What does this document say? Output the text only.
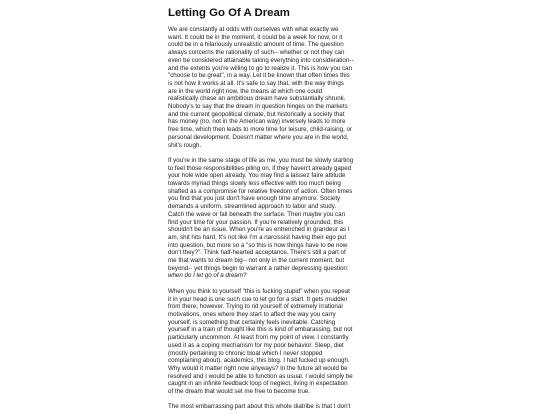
Letting Go Of A Dream

We are constantly at odds with ourselves with what exactly we
want. It could be in the moment, it could be a week for now, or it
could be in a hilariously unrealistic amount of time. The question
always concerns the rationality of such-- whether or not they can
even be considered attainable taking everything into consideration--
and the extents you're willing to go to realize it. This is how you can
"choose to be great", in a way. Let it be known that often times this
is not how it works at all. It's safe to say that, with the way things
are in the world right now, the means at which one could
realistically chase an ambitious dream have substantially shrunk.
Nobody's to say that the dream in question hinges on the markets
and the current geopolitical climate, but historically a society that
has money (no, not in the American way) inversely leads to more
free time, which then leads to more time for leisure, child-raising, or
personal development. Doesn't matter where you are in the world,
shit's rough.

If you're in the same stage of life as me, you must be slowly starting
to feel those responsibilities piling on, if they haven't already gaped
your hole wide open already. You may find a laissez faire attitude
towards myriad things slowly less effective with too much being
shafted as a compromise for relative freedom of action. Often times
you find that you just don't have enough time anymore. Society
demands a uniform, streamlined approach to labor and study.
Catch the wave or fall beneath the surface. Then maybe you can
find your time for your passion. If you're relatively grounded, this
shouldn't be an issue. When you're as entrenched in grandeur as I
am, shit hits hard. It's not like I'm a narcissist having their ego put
into question, but more so a "so this is how things have to be now
don't they?". Think half-hearted acceptance. There's still a part of
me that wants to dream big-- not only in the current moment, but
beyond-- yet things begin to warrant a rather depressing question:
when do I let go of a dream?

When you think to yourself "this is fucking stupid" when you repeat
it in your head is one such cue to let go for a start. It gets muddier
from there, however. Trying to rid yourself of extremely irrational
motivations, ones where they start to affect the way you carry
yourself, is something that certainly feels inevitable. Catching
yourself in a train of thought like this is kind of embarassing, but not
particularly uncommon. At least from my point of view. I constantly
used it as a coping mechanism for my poor behavior. Sleep, diet
(mostly pertaining to chronic bloat which I never stopped
complaining about), academics, this blog. I had fucked up enough.
Why would it matter right now anyways? In the future all would be
resolved and I would be able to function as usual. I would simply be
caught in an infinite feedback loop of neglect, living in expectation
of the dream that would set me free to become true.

The most embarrassing part about this whole diatribe is that I don't
